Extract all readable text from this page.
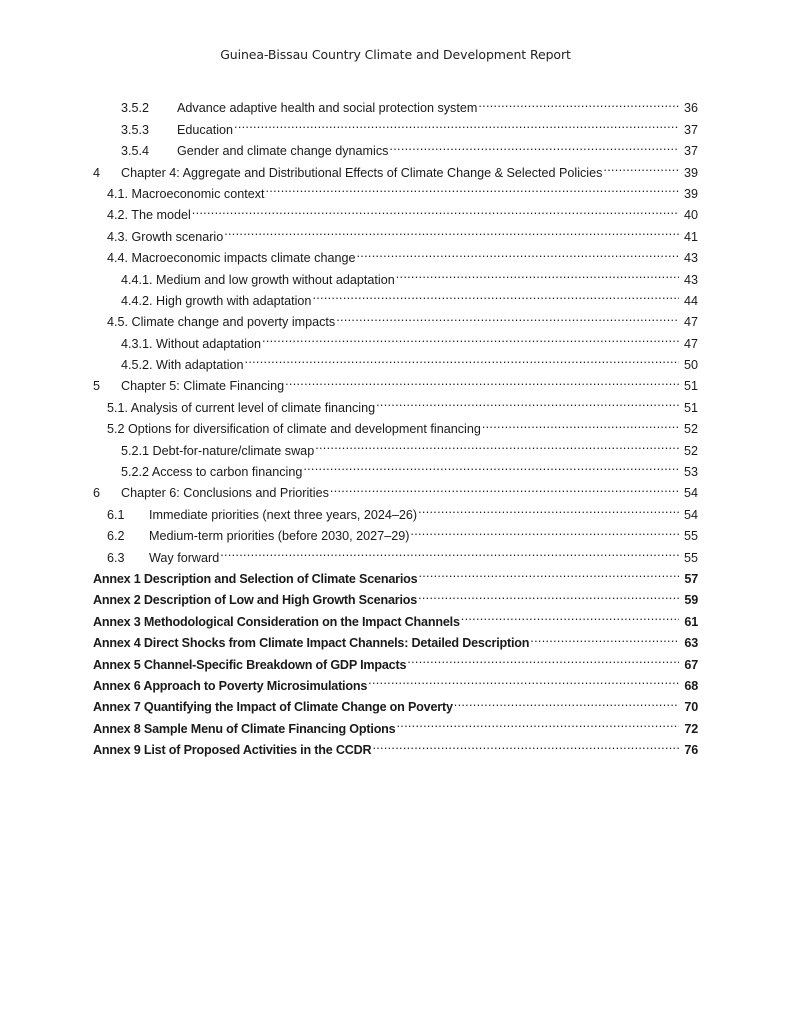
Guinea-Bissau Country Climate and Development Report
3.5.2	Advance adaptive health and social protection system .....	36
3.5.3	Education .....	37
3.5.4	Gender and climate change dynamics .....	37
4	Chapter 4: Aggregate and Distributional Effects of Climate Change & Selected Policies .....	39
4.1. Macroeconomic context .....	39
4.2. The model .....	40
4.3. Growth scenario .....	41
4.4. Macroeconomic impacts climate change .....	43
4.4.1. Medium and low growth without adaptation .....	43
4.4.2. High growth with adaptation .....	44
4.5. Climate change and poverty impacts .....	47
4.3.1. Without adaptation .....	47
4.5.2. With adaptation .....	50
5	Chapter 5: Climate Financing .....	51
5.1. Analysis of current level of climate financing .....	51
5.2 Options for diversification of climate and development financing .....	52
5.2.1 Debt-for-nature/climate swap .....	52
5.2.2 Access to carbon financing .....	53
6	Chapter 6: Conclusions and Priorities .....	54
6.1	Immediate priorities (next three years, 2024–26) .....	54
6.2	Medium-term priorities (before 2030, 2027–29) .....	55
6.3	Way forward .....	55
Annex 1 Description and Selection of Climate Scenarios .....	57
Annex 2 Description of Low and High Growth Scenarios .....	59
Annex 3 Methodological Consideration on the Impact Channels .....	61
Annex 4 Direct Shocks from Climate Impact Channels: Detailed Description .....	63
Annex 5 Channel-Specific Breakdown of GDP Impacts .....	67
Annex 6 Approach to Poverty Microsimulations .....	68
Annex 7 Quantifying the Impact of Climate Change on Poverty .....	70
Annex 8 Sample Menu of Climate Financing Options .....	72
Annex 9 List of Proposed Activities in the CCDR .....	76
